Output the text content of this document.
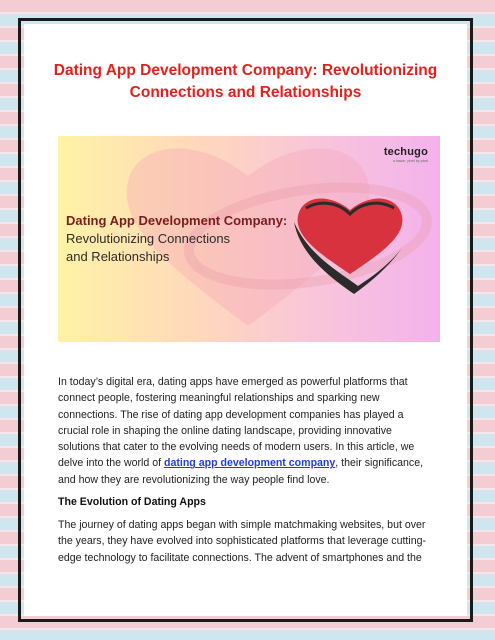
Dating App Development Company: Revolutionizing Connections and Relationships
techugo
a fusion. pixel by pixel
Dating App Development Company:
Revolutionizing Connections
and Relationships

In today’s digital era, dating apps have emerged as powerful platforms that connect people, fostering meaningful relationships and sparking new connections. The rise of dating app development companies has played a crucial role in shaping the online dating landscape, providing innovative solutions that cater to the evolving needs of modern users. In this article, we delve into the world of dating app development company, their significance, and how they are revolutionizing the way people find love.

The Evolution of Dating Apps

The journey of dating apps began with simple matchmaking websites, but over the years, they have evolved into sophisticated platforms that leverage cutting-edge technology to facilitate connections. The advent of smartphones and the
